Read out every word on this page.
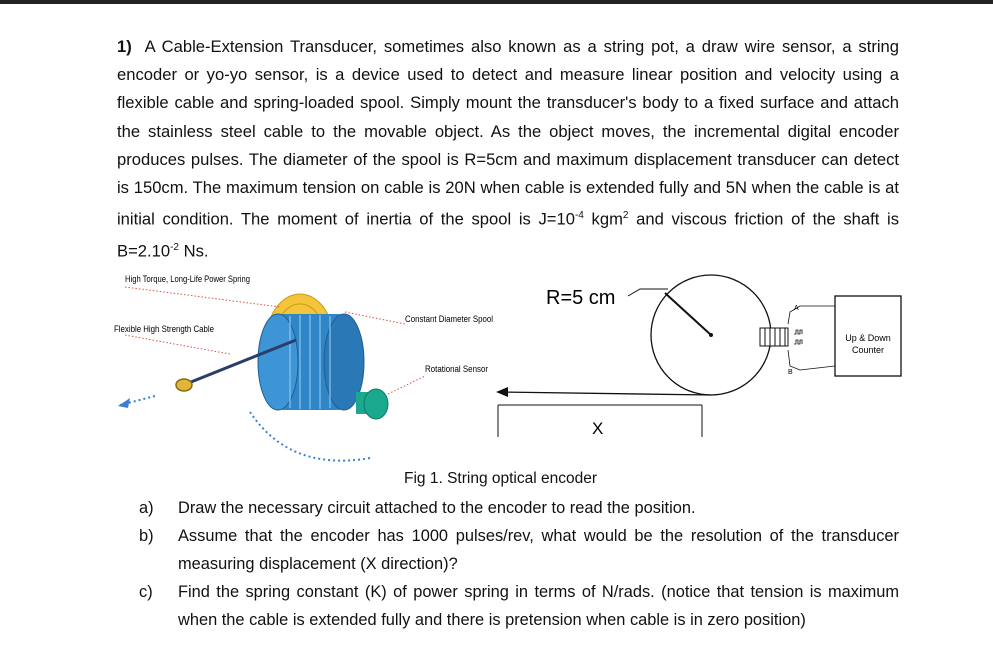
1) A Cable-Extension Transducer, sometimes also known as a string pot, a draw wire sensor, a string encoder or yo-yo sensor, is a device used to detect and measure linear position and velocity using a flexible cable and spring-loaded spool. Simply mount the transducer's body to a fixed surface and attach the stainless steel cable to the movable object. As the object moves, the incremental digital encoder produces pulses. The diameter of the spool is R=5cm and maximum displacement transducer can detect is 150cm. The maximum tension on cable is 20N when cable is extended fully and 5N when the cable is at initial condition. The moment of inertia of the spool is $J=10^{-4}$ kgm$^2$ and viscous friction of the shaft is $B=2.10^{-2}$ Ns.
High Torque, Long-Life Power Spring
Flexible High Strength Cable
Constant Diameter Spool
Rotational Sensor
R=5 cm
X
A
B
Up & Down
Counter
Fig 1. String optical encoder
a) Draw the necessary circuit attached to the encoder to read the position.
b) Assume that the encoder has 1000 pulses/rev, what would be the resolution of the transducer measuring displacement (X direction)?
c) Find the spring constant (K) of power spring in terms of N/rads. (notice that tension is maximum when the cable is extended fully and there is pretension when cable is in zero position)
